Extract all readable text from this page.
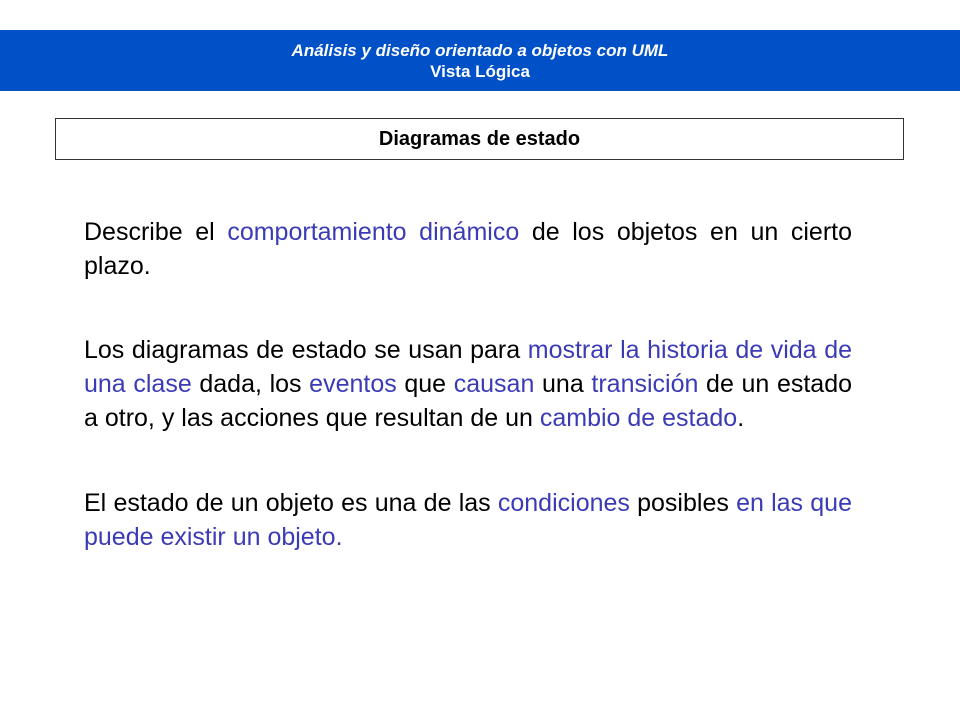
Análisis y diseño orientado a objetos con UML
Vista Lógica
Diagramas de estado

Describe el comportamiento dinámico de los objetos en un cierto plazo.

Los diagramas de estado se usan para mostrar la historia de vida de una clase dada, los eventos que causan una transición de un estado a otro, y las acciones que resultan de un cambio de estado.

El estado de un objeto es una de las condiciones posibles en las que puede existir un objeto.
